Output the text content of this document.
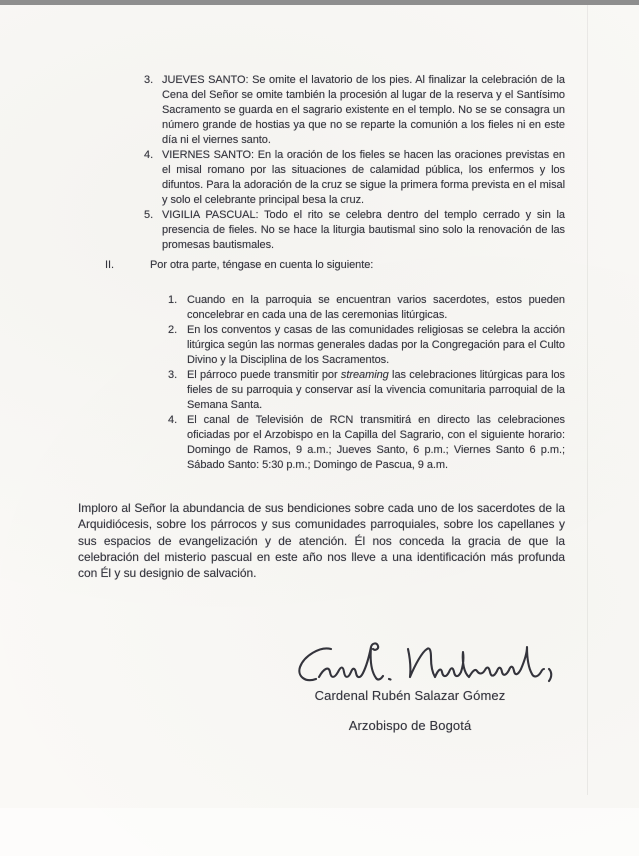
3. JUEVES SANTO: Se omite el lavatorio de los pies. Al finalizar la celebración de la Cena del Señor se omite también la procesión al lugar de la reserva y el Santísimo Sacramento se guarda en el sagrario existente en el templo. No se se consagra un número grande de hostias ya que no se reparte la comunión a los fieles ni en este día ni el viernes santo.
4. VIERNES SANTO: En la oración de los fieles se hacen las oraciones previstas en el misal romano por las situaciones de calamidad pública, los enfermos y los difuntos. Para la adoración de la cruz se sigue la primera forma prevista en el misal y solo el celebrante principal besa la cruz.
5. VIGILIA PASCUAL: Todo el rito se celebra dentro del templo cerrado y sin la presencia de fieles. No se hace la liturgia bautismal sino solo la renovación de las promesas bautismales.
II.	Por otra parte, téngase en cuenta lo siguiente:
1. Cuando en la parroquia se encuentran varios sacerdotes, estos pueden concelebrar en cada una de las ceremonias litúrgicas.
2. En los conventos y casas de las comunidades religiosas se celebra la acción litúrgica según las normas generales dadas por la Congregación para el Culto Divino y la Disciplina de los Sacramentos.
3. El párroco puede transmitir por streaming las celebraciones litúrgicas para los fieles de su parroquia y conservar así la vivencia comunitaria parroquial de la Semana Santa.
4. El canal de Televisión de RCN transmitirá en directo las celebraciones oficiadas por el Arzobispo en la Capilla del Sagrario, con el siguiente horario: Domingo de Ramos, 9 a.m.; Jueves Santo, 6 p.m.; Viernes Santo 6 p.m.; Sábado Santo: 5:30 p.m.; Domingo de Pascua, 9 a.m.

Imploro al Señor la abundancia de sus bendiciones sobre cada uno de los sacerdotes de la Arquidiócesis, sobre los párrocos y sus comunidades parroquiales, sobre los capellanes y sus espacios de evangelización y de atención. Él nos conceda la gracia de que la celebración del misterio pascual en este año nos lleve a una identificación más profunda con Él y su designio de salvación.

Cardenal Rubén Salazar Gómez
Arzobispo de Bogotá
